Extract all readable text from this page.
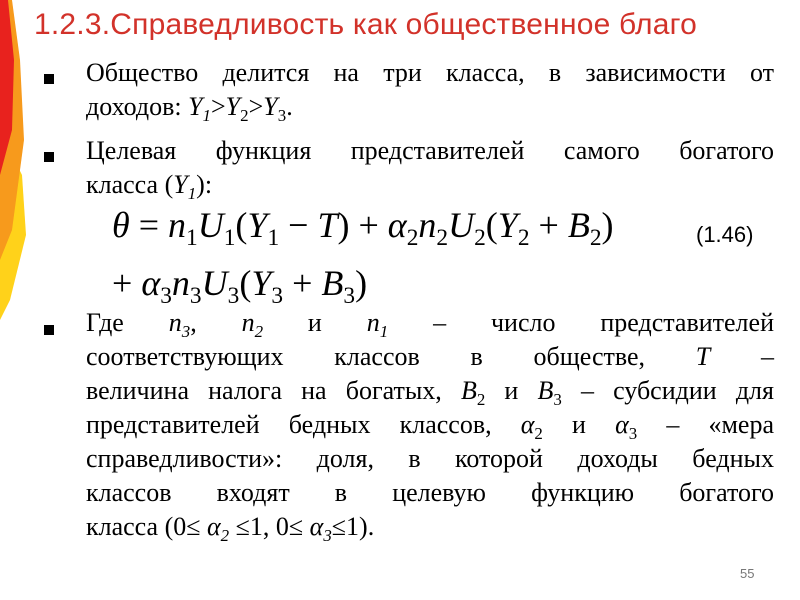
1.2.3.Справедливость как общественное благо
Общество делится на три класса, в зависимости от
доходов: $Y_1>Y_2>Y_3$.
Целевая функция представителей самого богатого
класса $(Y_1)$:
$\theta = n_1U_1(Y_1 - T) + \alpha_2n_2U_2(Y_2 + B_2)$	(1.46)
+ $\alpha_3n_3U_3(Y_3 + B_3)$
Где $n_3$, $n_2$ и $n_1$ – число представителей
соответствующих классов в обществе, T –
величина налога на богатых, $B_2$ и $B_3$ – субсидии для
представителей бедных классов, $\alpha_2$ и $\alpha_3$ – «мера
справедливости»: доля, в которой доходы бедных
классов входят в целевую функцию богатого
класса ($0\le \alpha_2 \le 1$, $0\le \alpha_3\le 1$).
55
